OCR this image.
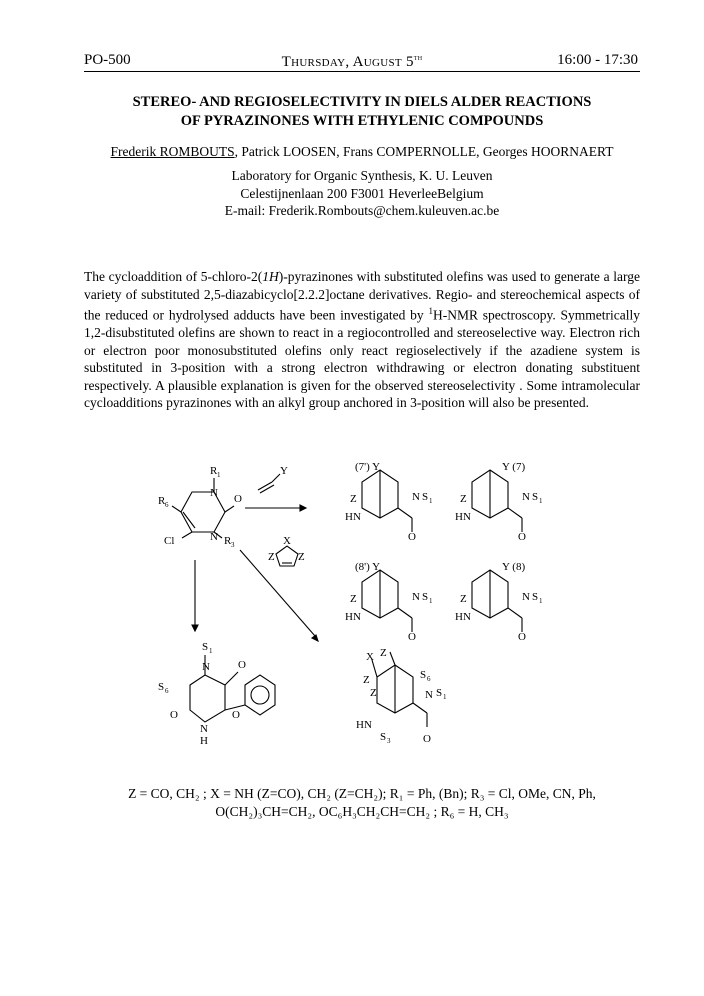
PO-500	Thursday, August 5th	16:00 - 17:30
STEREO- AND REGIOSELECTIVITY IN DIELS ALDER REACTIONS
OF PYRAZINONES WITH ETHYLENIC COMPOUNDS
Frederik ROMBOUTS, Patrick LOOSEN, Frans COMPERNOLLE, Georges HOORNAERT
Laboratory for Organic Synthesis, K. U. Leuven
Celestijnenlaan 200 F3001 HeverleeBelgium
E-mail: Frederik.Rombouts@chem.kuleuven.ac.be
The cycloaddition of 5-chloro-2(1H)-pyrazinones with substituted olefins was used to generate a large variety of substituted 2,5-diazabicyclo[2.2.2]octane derivatives. Regio- and stereochemical aspects of the reduced or hydrolysed adducts have been investigated by $^1$H-NMR spectroscopy. Symmetrically 1,2-disubstituted olefins are shown to react in a regiocontrolled and stereoselective way. Electron rich or electron poor monosubstituted olefins only react regioselectively if the azadiene system is substituted in 3-position with a strong electron withdrawing or electron donating substituent respectively. A plausible explanation is given for the observed stereoselectivity . Some intramolecular cycloadditions pyrazinones with an alkyl group anchored in 3-position will also be presented.
R 1
R 6	O
N
N R 3
Cl
Y
X
Z Z
(7') Y	Y (7)
(8') Y	Y (8)
Z	Z
Z	Z
HN	HN
HN	HN
N S 1	N S 1
N S 1	N S 1
O	O
O	O
X Z
Z
Z	N S 1
S 6
HN
S 3	O
S 1
S 6
N	O
O
N
H
O
Z = CO, CH₂ ; X = NH (Z=CO), CH₂ (Z=CH₂); R₁ = Ph, (Bn); R₃ = Cl, OMe, CN, Ph,
O(CH₂)₃CH=CH₂, OC₆H₃CH₂CH=CH₂ ; R₆ = H, CH₃
